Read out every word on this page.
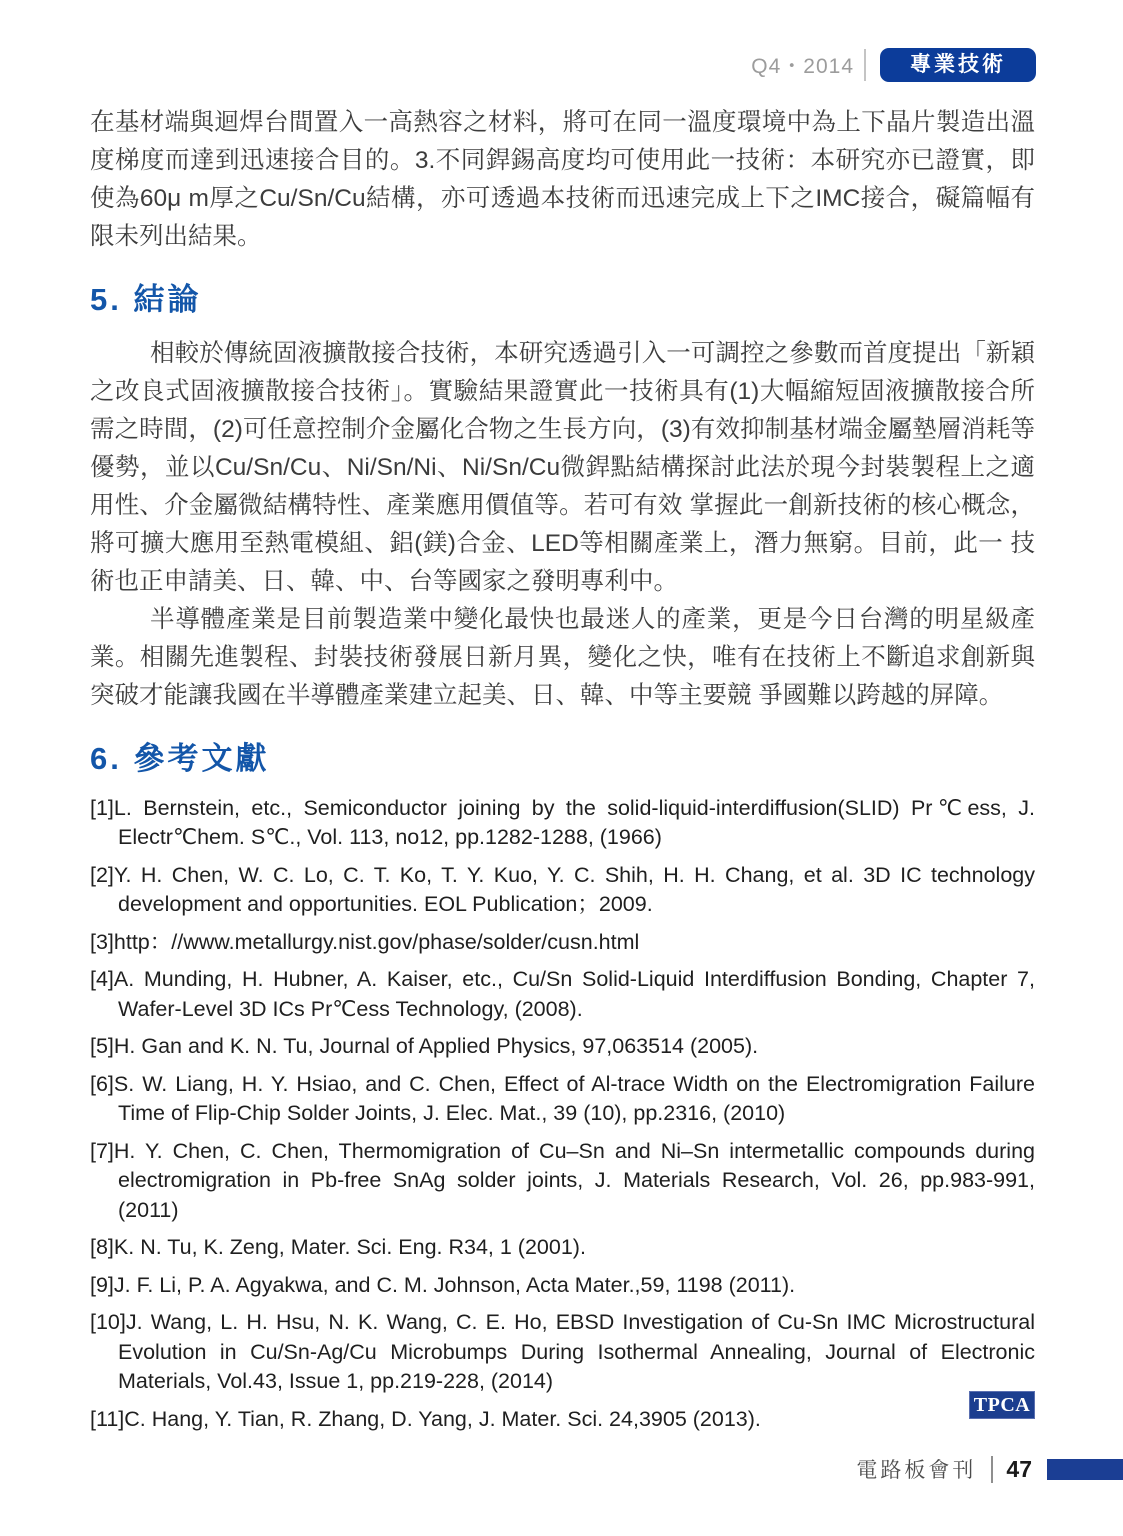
Q4・2014	專業技術

在基材端與迴焊台間置入一高熱容之材料，將可在同一溫度環境中為上下晶片製造出溫度梯度而達到迅速接合目的。3.不同銲錫高度均可使用此一技術：本研究亦已證實，即使為60μ m厚之Cu/Sn/Cu結構，亦可透過本技術而迅速完成上下之IMC接合，礙篇幅有限未列出結果。

5. 結論

相較於傳統固液擴散接合技術，本研究透過引入一可調控之參數而首度提出「新穎之改良式固液擴散接合技術」。實驗結果證實此一技術具有(1)大幅縮短固液擴散接合所需之時間，(2)可任意控制介金屬化合物之生長方向，(3)有效抑制基材端金屬墊層消耗等優勢，並以Cu/Sn/Cu、Ni/Sn/Ni、Ni/Sn/Cu微銲點結構探討此法於現今封裝製程上之適用性、介金屬微結構特性、產業應用價值等。若可有效 掌握此一創新技術的核心概念，將可擴大應用至熱電模組、鋁(鎂)合金、LED等相關產業上，潛力無窮。目前，此一 技術也正申請美、日、韓、中、台等國家之發明專利中。

半導體產業是目前製造業中變化最快也最迷人的產業，更是今日台灣的明星級產業。相關先進製程、封裝技術發展日新月異，變化之快，唯有在技術上不斷追求創新與突破才能讓我國在半導體產業建立起美、日、韓、中等主要競 爭國難以跨越的屏障。

6. 參考文獻
[1]L. Bernstein, etc., Semiconductor joining by the solid-liquid-interdiffusion(SLID) Pr℃ess, J. Electr℃hem. S℃., Vol. 113, no12, pp.1282-1288, (1966)
[2]Y. H. Chen, W. C. Lo, C. T. Ko, T. Y. Kuo, Y. C. Shih, H. H. Chang, et al. 3D IC technology development and opportunities. EOL Publication；2009.
[3]http：//www.metallurgy.nist.gov/phase/solder/cusn.html
[4]A. Munding, H. Hubner, A. Kaiser, etc., Cu/Sn Solid-Liquid Interdiffusion Bonding, Chapter 7, Wafer-Level 3D ICs Pr℃ess Technology, (2008).
[5]H. Gan and K. N. Tu, Journal of Applied Physics, 97,063514 (2005).
[6]S. W. Liang, H. Y. Hsiao, and C. Chen, Effect of Al-trace Width on the Electromigration Failure Time of Flip-Chip Solder Joints, J. Elec. Mat., 39 (10), pp.2316, (2010)
[7]H. Y. Chen, C. Chen, Thermomigration of Cu–Sn and Ni–Sn intermetallic compounds during electromigration in Pb-free SnAg solder joints, J. Materials Research, Vol. 26, pp.983-991, (2011)
[8]K. N. Tu, K. Zeng, Mater. Sci. Eng. R34, 1 (2001).
[9]J. F. Li, P. A. Agyakwa, and C. M. Johnson, Acta Mater.,59, 1198 (2011).
[10]J. Wang, L. H. Hsu, N. K. Wang, C. E. Ho, EBSD Investigation of Cu-Sn IMC Microstructural Evolution in Cu/Sn-Ag/Cu Microbumps During Isothermal Annealing, Journal of Electronic Materials, Vol.43, Issue 1, pp.219-228, (2014)
[11]C. Hang, Y. Tian, R. Zhang, D. Yang, J. Mater. Sci. 24,3905 (2013).
TPCA
電路板會刊 47
